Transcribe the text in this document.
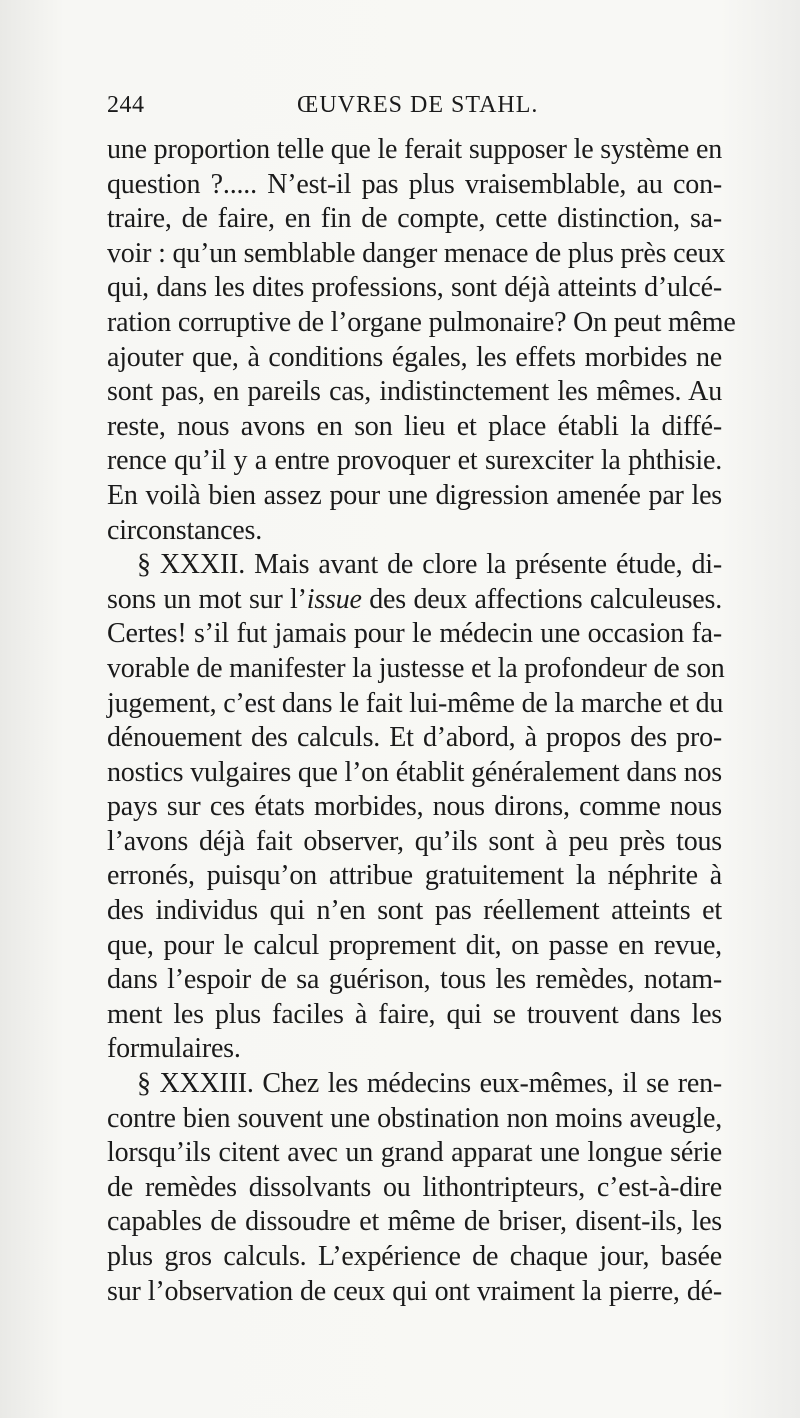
244	ŒUVRES DE STAHL.
une proportion telle que le ferait supposer le système en
question ?..... N’est-il pas plus vraisemblable, au con-
traire, de faire, en fin de compte, cette distinction, sa-
voir : qu’un semblable danger menace de plus près ceux
qui, dans les dites professions, sont déjà atteints d’ulcé-
ration corruptive de l’organe pulmonaire? On peut même
ajouter que, à conditions égales, les effets morbides ne
sont pas, en pareils cas, indistinctement les mêmes. Au
reste, nous avons en son lieu et place établi la diffé-
rence qu’il y a entre provoquer et surexciter la phthisie.
En voilà bien assez pour une digression amenée par les
circonstances.
§ XXXII. Mais avant de clore la présente étude, di-
sons un mot sur l’issue des deux affections calculeuses.
Certes! s’il fut jamais pour le médecin une occasion fa-
vorable de manifester la justesse et la profondeur de son
jugement, c’est dans le fait lui-même de la marche et du
dénouement des calculs. Et d’abord, à propos des pro-
nostics vulgaires que l’on établit généralement dans nos
pays sur ces états morbides, nous dirons, comme nous
l’avons déjà fait observer, qu’ils sont à peu près tous
erronés, puisqu’on attribue gratuitement la néphrite à
des individus qui n’en sont pas réellement atteints et
que, pour le calcul proprement dit, on passe en revue,
dans l’espoir de sa guérison, tous les remèdes, notam-
ment les plus faciles à faire, qui se trouvent dans les
formulaires.
§ XXXIII. Chez les médecins eux-mêmes, il se ren-
contre bien souvent une obstination non moins aveugle,
lorsqu’ils citent avec un grand apparat une longue série
de remèdes dissolvants ou lithontripteurs, c’est-à-dire
capables de dissoudre et même de briser, disent-ils, les
plus gros calculs. L’expérience de chaque jour, basée
sur l’observation de ceux qui ont vraiment la pierre, dé-
